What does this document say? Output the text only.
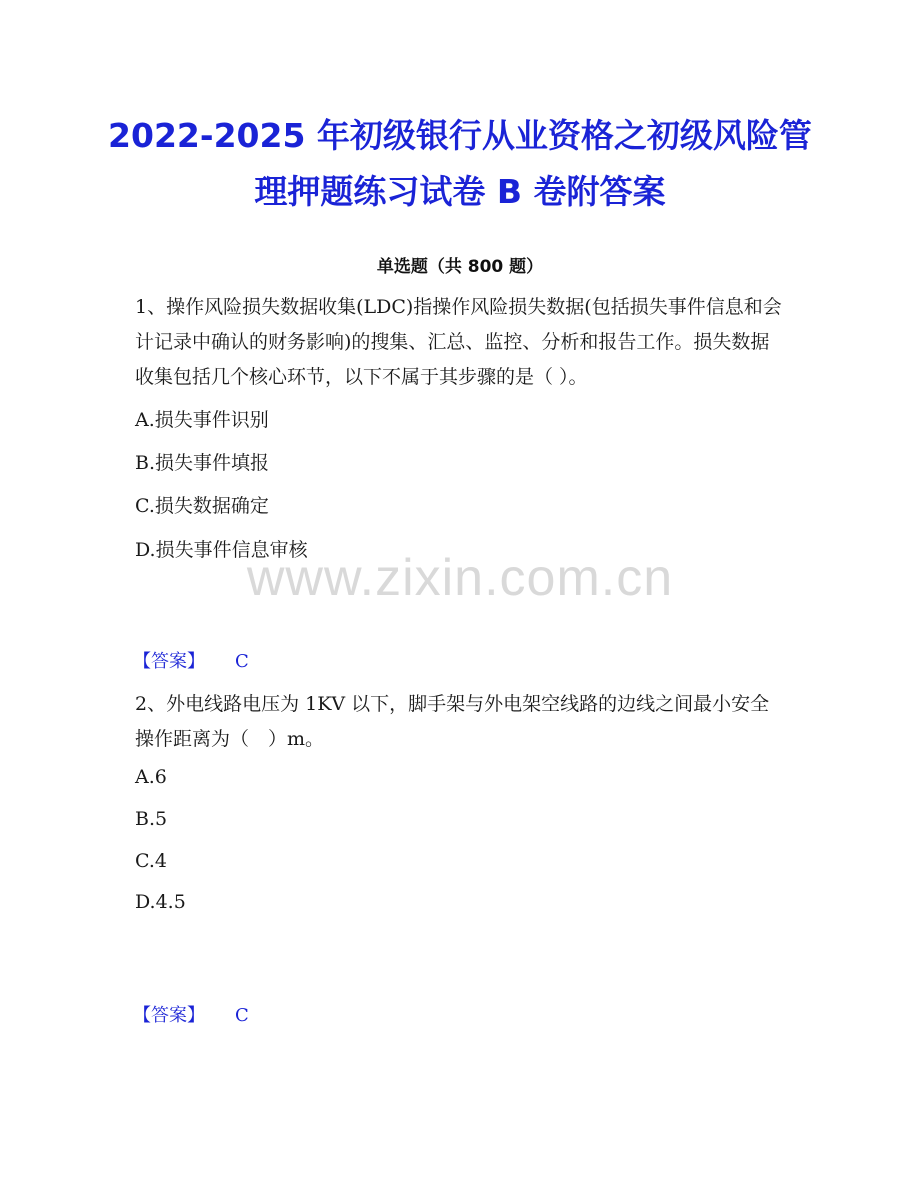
2022-2025 年初级银行从业资格之初级风险管理押题练习试卷 B 卷附答案
单选题（共 800 题）

1、操作风险损失数据收集(LDC)指操作风险损失数据(包括损失事件信息和会计记录中确认的财务影响)的搜集、汇总、监控、分析和报告工作。损失数据收集包括几个核心环节，以下不属于其步骤的是（ ）。

A.损失事件识别
B.损失事件填报
C.损失数据确定
D.损失事件信息审核
www.zixin.com.cn
【答案】 C

2、外电线路电压为 1KV 以下，脚手架与外电架空线路的边线之间最小安全操作距离为（　）m。

A.6
B.5
C.4
D.4.5
【答案】 C
